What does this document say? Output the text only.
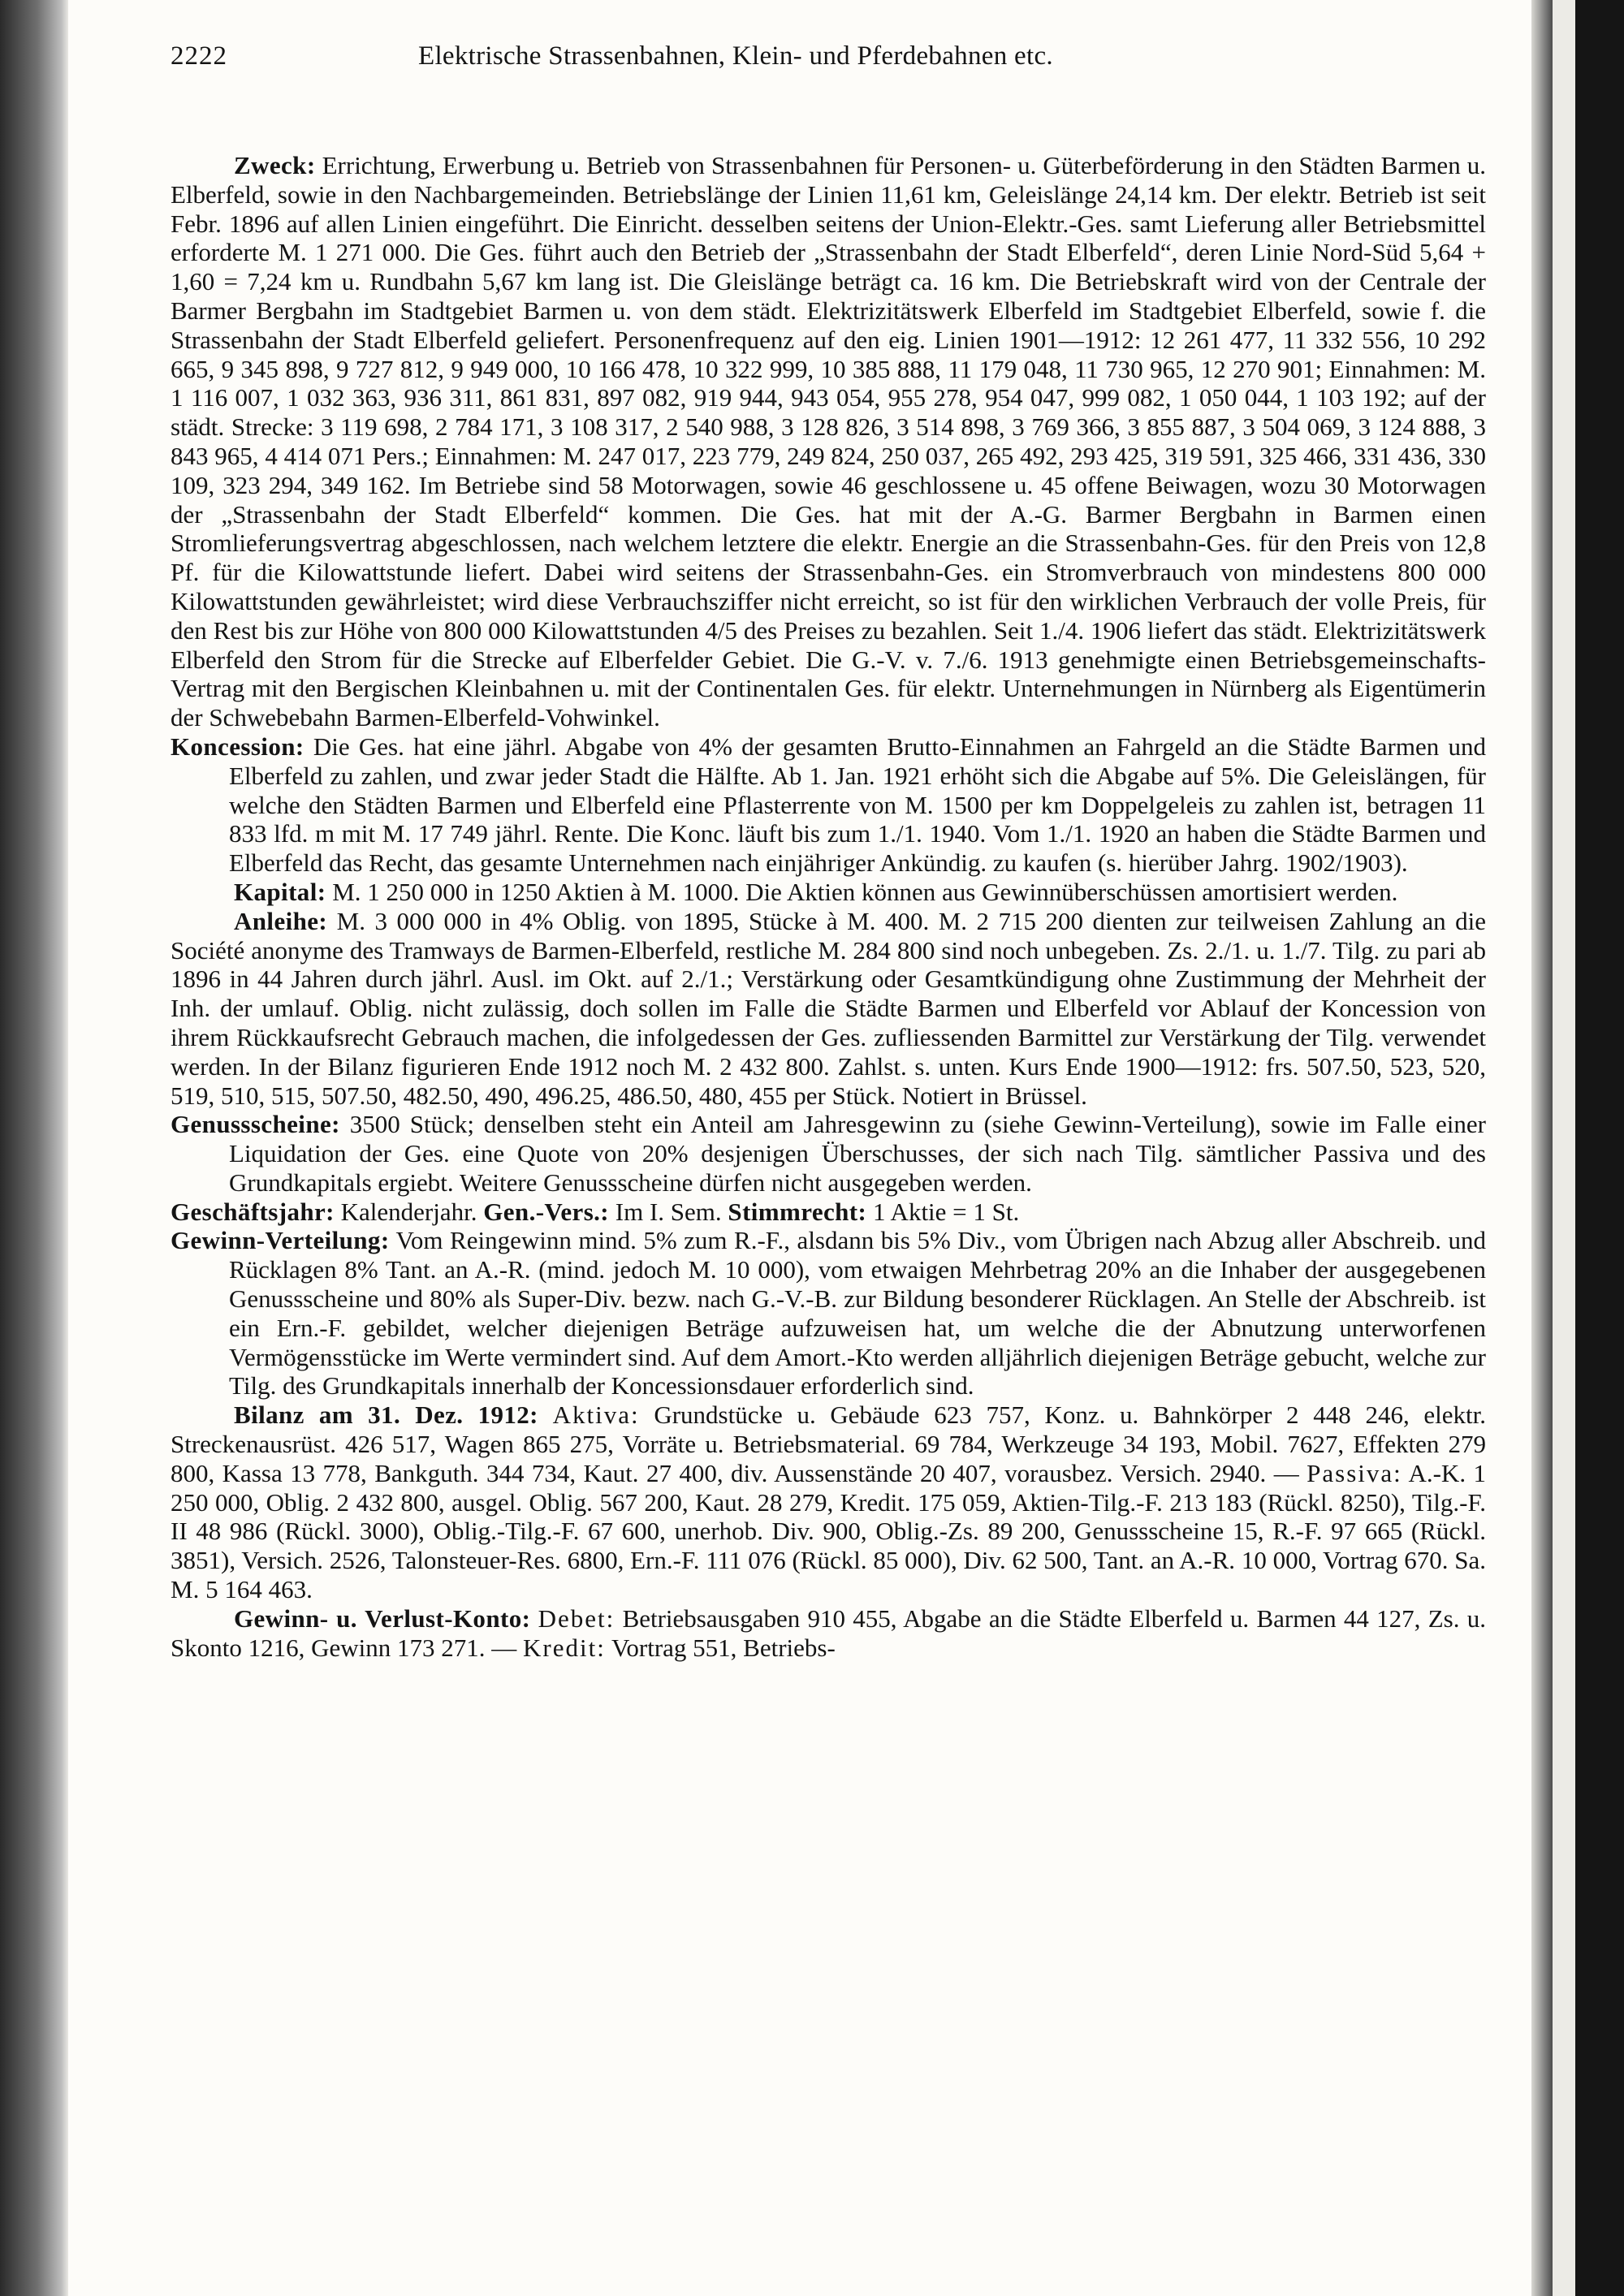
2222	Elektrische Strassenbahnen, Klein- und Pferdebahnen etc.

Zweck: Errichtung, Erwerbung u. Betrieb von Strassenbahnen für Personen- u. Güterbeförderung in den Städten Barmen u. Elberfeld, sowie in den Nachbargemeinden. Betriebslänge der Linien 11,61 km, Geleislänge 24,14 km. Der elektr. Betrieb ist seit Febr. 1896 auf allen Linien eingeführt. Die Einricht. desselben seitens der Union-Elektr.-Ges. samt Lieferung aller Betriebsmittel erforderte M. 1 271 000. Die Ges. führt auch den Betrieb der „Strassenbahn der Stadt Elberfeld“, deren Linie Nord-Süd 5,64 + 1,60 = 7,24 km u. Rundbahn 5,67 km lang ist. Die Gleislänge beträgt ca. 16 km. Die Betriebskraft wird von der Centrale der Barmer Bergbahn im Stadtgebiet Barmen u. von dem städt. Elektrizitätswerk Elberfeld im Stadtgebiet Elberfeld, sowie f. die Strassenbahn der Stadt Elberfeld geliefert. Personenfrequenz auf den eig. Linien 1901—1912: 12 261 477, 11 332 556, 10 292 665, 9 345 898, 9 727 812, 9 949 000, 10 166 478, 10 322 999, 10 385 888, 11 179 048, 11 730 965, 12 270 901; Einnahmen: M. 1 116 007, 1 032 363, 936 311, 861 831, 897 082, 919 944, 943 054, 955 278, 954 047, 999 082, 1 050 044, 1 103 192; auf der städt. Strecke: 3 119 698, 2 784 171, 3 108 317, 2 540 988, 3 128 826, 3 514 898, 3 769 366, 3 855 887, 3 504 069, 3 124 888, 3 843 965, 4 414 071 Pers.; Einnahmen: M. 247 017, 223 779, 249 824, 250 037, 265 492, 293 425, 319 591, 325 466, 331 436, 330 109, 323 294, 349 162. Im Betriebe sind 58 Motorwagen, sowie 46 geschlossene u. 45 offene Beiwagen, wozu 30 Motorwagen der „Strassenbahn der Stadt Elberfeld“ kommen. Die Ges. hat mit der A.-G. Barmer Bergbahn in Barmen einen Stromlieferungsvertrag abgeschlossen, nach welchem letztere die elektr. Energie an die Strassenbahn-Ges. für den Preis von 12,8 Pf. für die Kilowattstunde liefert. Dabei wird seitens der Strassenbahn-Ges. ein Stromverbrauch von mindestens 800 000 Kilowattstunden gewährleistet; wird diese Verbrauchsziffer nicht erreicht, so ist für den wirklichen Verbrauch der volle Preis, für den Rest bis zur Höhe von 800 000 Kilowattstunden 4/5 des Preises zu bezahlen. Seit 1./4. 1906 liefert das städt. Elektrizitätswerk Elberfeld den Strom für die Strecke auf Elberfelder Gebiet. Die G.-V. v. 7./6. 1913 genehmigte einen Betriebsgemeinschafts-Vertrag mit den Bergischen Kleinbahnen u. mit der Continentalen Ges. für elektr. Unternehmungen in Nürnberg als Eigentümerin der Schwebebahn Barmen-Elberfeld-Vohwinkel.

Koncession: Die Ges. hat eine jährl. Abgabe von 4% der gesamten Brutto-Einnahmen an Fahrgeld an die Städte Barmen und Elberfeld zu zahlen, und zwar jeder Stadt die Hälfte. Ab 1. Jan. 1921 erhöht sich die Abgabe auf 5%. Die Geleislängen, für welche den Städten Barmen und Elberfeld eine Pflasterrente von M. 1500 per km Doppelgeleis zu zahlen ist, betragen 11 833 lfd. m mit M. 17 749 jährl. Rente. Die Konc. läuft bis zum 1./1. 1940. Vom 1./1. 1920 an haben die Städte Barmen und Elberfeld das Recht, das gesamte Unternehmen nach einjähriger Ankündig. zu kaufen (s. hierüber Jahrg. 1902/1903).

Kapital: M. 1 250 000 in 1250 Aktien à M. 1000. Die Aktien können aus Gewinnüberschüssen amortisiert werden.

Anleihe: M. 3 000 000 in 4% Oblig. von 1895, Stücke à M. 400. M. 2 715 200 dienten zur teilweisen Zahlung an die Société anonyme des Tramways de Barmen-Elberfeld, restliche M. 284 800 sind noch unbegeben. Zs. 2./1. u. 1./7. Tilg. zu pari ab 1896 in 44 Jahren durch jährl. Ausl. im Okt. auf 2./1.; Verstärkung oder Gesamtkündigung ohne Zustimmung der Mehrheit der Inh. der umlauf. Oblig. nicht zulässig, doch sollen im Falle die Städte Barmen und Elberfeld vor Ablauf der Koncession von ihrem Rückkaufsrecht Gebrauch machen, die infolgedessen der Ges. zufliessenden Barmittel zur Verstärkung der Tilg. verwendet werden. In der Bilanz figurieren Ende 1912 noch M. 2 432 800. Zahlst. s. unten. Kurs Ende 1900—1912: frs. 507.50, 523, 520, 519, 510, 515, 507.50, 482.50, 490, 496.25, 486.50, 480, 455 per Stück. Notiert in Brüssel.

Genussscheine: 3500 Stück; denselben steht ein Anteil am Jahresgewinn zu (siehe Gewinn-Verteilung), sowie im Falle einer Liquidation der Ges. eine Quote von 20% desjenigen Überschusses, der sich nach Tilg. sämtlicher Passiva und des Grundkapitals ergiebt. Weitere Genussscheine dürfen nicht ausgegeben werden.

Geschäftsjahr: Kalenderjahr. Gen.-Vers.: Im I. Sem. Stimmrecht: 1 Aktie = 1 St.

Gewinn-Verteilung: Vom Reingewinn mind. 5% zum R.-F., alsdann bis 5% Div., vom Übrigen nach Abzug aller Abschreib. und Rücklagen 8% Tant. an A.-R. (mind. jedoch M. 10 000), vom etwaigen Mehrbetrag 20% an die Inhaber der ausgegebenen Genussscheine und 80% als Super-Div. bezw. nach G.-V.-B. zur Bildung besonderer Rücklagen. An Stelle der Abschreib. ist ein Ern.-F. gebildet, welcher diejenigen Beträge aufzuweisen hat, um welche die der Abnutzung unterworfenen Vermögensstücke im Werte vermindert sind. Auf dem Amort.-Kto werden alljährlich diejenigen Beträge gebucht, welche zur Tilg. des Grundkapitals innerhalb der Koncessionsdauer erforderlich sind.

Bilanz am 31. Dez. 1912: Aktiva: Grundstücke u. Gebäude 623 757, Konz. u. Bahnkörper 2 448 246, elektr. Streckenausrüst. 426 517, Wagen 865 275, Vorräte u. Betriebsmaterial. 69 784, Werkzeuge 34 193, Mobil. 7627, Effekten 279 800, Kassa 13 778, Bankguth. 344 734, Kaut. 27 400, div. Aussenstände 20 407, vorausbez. Versich. 2940. — Passiva: A.-K. 1 250 000, Oblig. 2 432 800, ausgel. Oblig. 567 200, Kaut. 28 279, Kredit. 175 059, Aktien-Tilg.-F. 213 183 (Rückl. 8250), Tilg.-F. II 48 986 (Rückl. 3000), Oblig.-Tilg.-F. 67 600, unerhob. Div. 900, Oblig.-Zs. 89 200, Genussscheine 15, R.-F. 97 665 (Rückl. 3851), Versich. 2526, Talonsteuer-Res. 6800, Ern.-F. 111 076 (Rückl. 85 000), Div. 62 500, Tant. an A.-R. 10 000, Vortrag 670. Sa. M. 5 164 463.

Gewinn- u. Verlust-Konto: Debet: Betriebsausgaben 910 455, Abgabe an die Städte Elberfeld u. Barmen 44 127, Zs. u. Skonto 1216, Gewinn 173 271. — Kredit: Vortrag 551, Betriebs-
